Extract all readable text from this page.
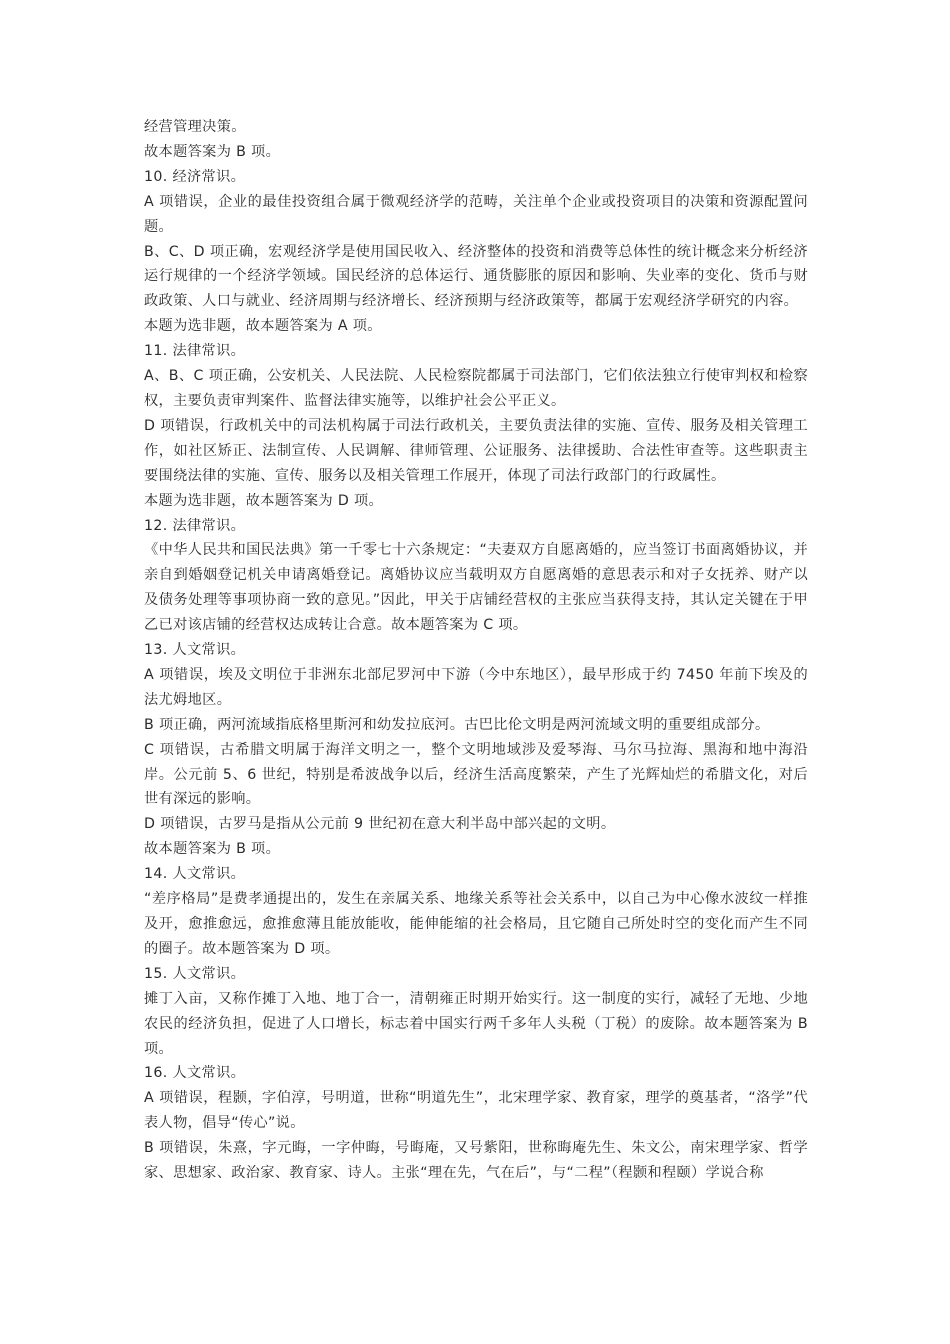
经营管理决策。

故本题答案为 B 项。

10. 经济常识。

A 项错误，企业的最佳投资组合属于微观经济学的范畴，关注单个企业或投资项目的决策和资源配置问题。

B、C、D 项正确，宏观经济学是使用国民收入、经济整体的投资和消费等总体性的统计概念来分析经济运行规律的一个经济学领域。国民经济的总体运行、通货膨胀的原因和影响、失业率的变化、货币与财政政策、人口与就业、经济周期与经济增长、经济预期与经济政策等，都属于宏观经济学研究的内容。

本题为选非题，故本题答案为 A 项。

11. 法律常识。

A、B、C 项正确，公安机关、人民法院、人民检察院都属于司法部门，它们依法独立行使审判权和检察权，主要负责审判案件、监督法律实施等，以维护社会公平正义。

D 项错误，行政机关中的司法机构属于司法行政机关，主要负责法律的实施、宣传、服务及相关管理工作，如社区矫正、法制宣传、人民调解、律师管理、公证服务、法律援助、合法性审查等。这些职责主要围绕法律的实施、宣传、服务以及相关管理工作展开，体现了司法行政部门的行政属性。

本题为选非题，故本题答案为 D 项。

12. 法律常识。

《中华人民共和国民法典》第一千零七十六条规定：“夫妻双方自愿离婚的，应当签订书面离婚协议，并亲自到婚姻登记机关申请离婚登记。离婚协议应当载明双方自愿离婚的意思表示和对子女抚养、财产以及债务处理等事项协商一致的意见。”因此，甲关于店铺经营权的主张应当获得支持，其认定关键在于甲乙已对该店铺的经营权达成转让合意。故本题答案为 C 项。

13. 人文常识。

A 项错误，埃及文明位于非洲东北部尼罗河中下游（今中东地区），最早形成于约 7450 年前下埃及的法尤姆地区。

B 项正确，两河流域指底格里斯河和幼发拉底河。古巴比伦文明是两河流域文明的重要组成部分。

C 项错误，古希腊文明属于海洋文明之一，整个文明地域涉及爱琴海、马尔马拉海、黑海和地中海沿岸。公元前 5、6 世纪，特别是希波战争以后，经济生活高度繁荣，产生了光辉灿烂的希腊文化，对后世有深远的影响。

D 项错误，古罗马是指从公元前 9 世纪初在意大利半岛中部兴起的文明。

故本题答案为 B 项。

14. 人文常识。

“差序格局”是费孝通提出的，发生在亲属关系、地缘关系等社会关系中，以自己为中心像水波纹一样推及开，愈推愈远，愈推愈薄且能放能收，能伸能缩的社会格局，且它随自己所处时空的变化而产生不同的圈子。故本题答案为 D 项。

15. 人文常识。

摊丁入亩，又称作摊丁入地、地丁合一，清朝雍正时期开始实行。这一制度的实行，减轻了无地、少地农民的经济负担，促进了人口增长，标志着中国实行两千多年人头税（丁税）的废除。故本题答案为 B 项。

16. 人文常识。

A 项错误，程颢，字伯淳，号明道，世称“明道先生”，北宋理学家、教育家，理学的奠基者，“洛学”代表人物，倡导“传心”说。

B 项错误，朱熹，字元晦，一字仲晦，号晦庵，又号紫阳，世称晦庵先生、朱文公，南宋理学家、哲学家、思想家、政治家、教育家、诗人。主张“理在先，气在后”，与“二程”（程颢和程颐）学说合称
